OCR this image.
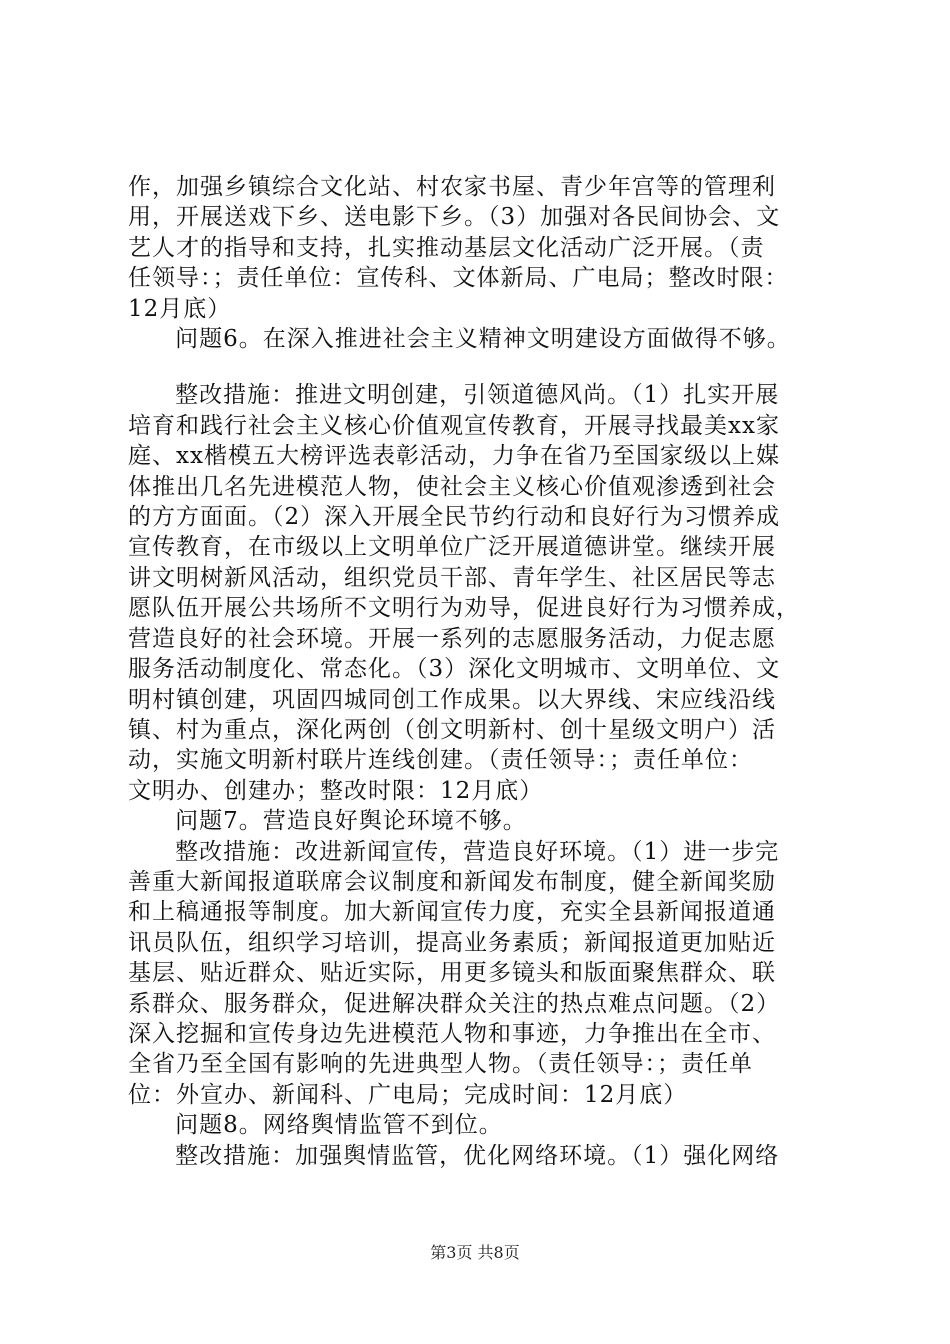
作，加强乡镇综合文化站、村农家书屋、青少年宫等的管理利
用，开展送戏下乡、送电影下乡。（3）加强对各民间协会、文
艺人才的指导和支持，扎实推动基层文化活动广泛开展。（责
任领导：；责任单位：宣传科、文体新局、广电局；整改时限：
12月底）
问题6。在深入推进社会主义精神文明建设方面做得不够。
整改措施：推进文明创建，引领道德风尚。（1）扎实开展
培育和践行社会主义核心价值观宣传教育，开展寻找最美xx家
庭、xx楷模五大榜评选表彰活动，力争在省乃至国家级以上媒
体推出几名先进模范人物，使社会主义核心价值观渗透到社会
的方方面面。（2）深入开展全民节约行动和良好行为习惯养成
宣传教育，在市级以上文明单位广泛开展道德讲堂。继续开展
讲文明树新风活动，组织党员干部、青年学生、社区居民等志
愿队伍开展公共场所不文明行为劝导，促进良好行为习惯养成，
营造良好的社会环境。开展一系列的志愿服务活动，力促志愿
服务活动制度化、常态化。（3）深化文明城市、文明单位、文
明村镇创建，巩固四城同创工作成果。以大界线、宋应线沿线
镇、村为重点，深化两创（创文明新村、创十星级文明户）活
动，实施文明新村联片连线创建。（责任领导：；责任单位：
文明办、创建办；整改时限：12月底）
问题7。营造良好舆论环境不够。
整改措施：改进新闻宣传，营造良好环境。（1）进一步完
善重大新闻报道联席会议制度和新闻发布制度，健全新闻奖励
和上稿通报等制度。加大新闻宣传力度，充实全县新闻报道通
讯员队伍，组织学习培训，提高业务素质；新闻报道更加贴近
基层、贴近群众、贴近实际，用更多镜头和版面聚焦群众、联
系群众、服务群众，促进解决群众关注的热点难点问题。（2）
深入挖掘和宣传身边先进模范人物和事迹，力争推出在全市、
全省乃至全国有影响的先进典型人物。（责任领导：；责任单
位：外宣办、新闻科、广电局；完成时间：12月底）
问题8。网络舆情监管不到位。
整改措施：加强舆情监管，优化网络环境。（1）强化网络
第3页 共8页
